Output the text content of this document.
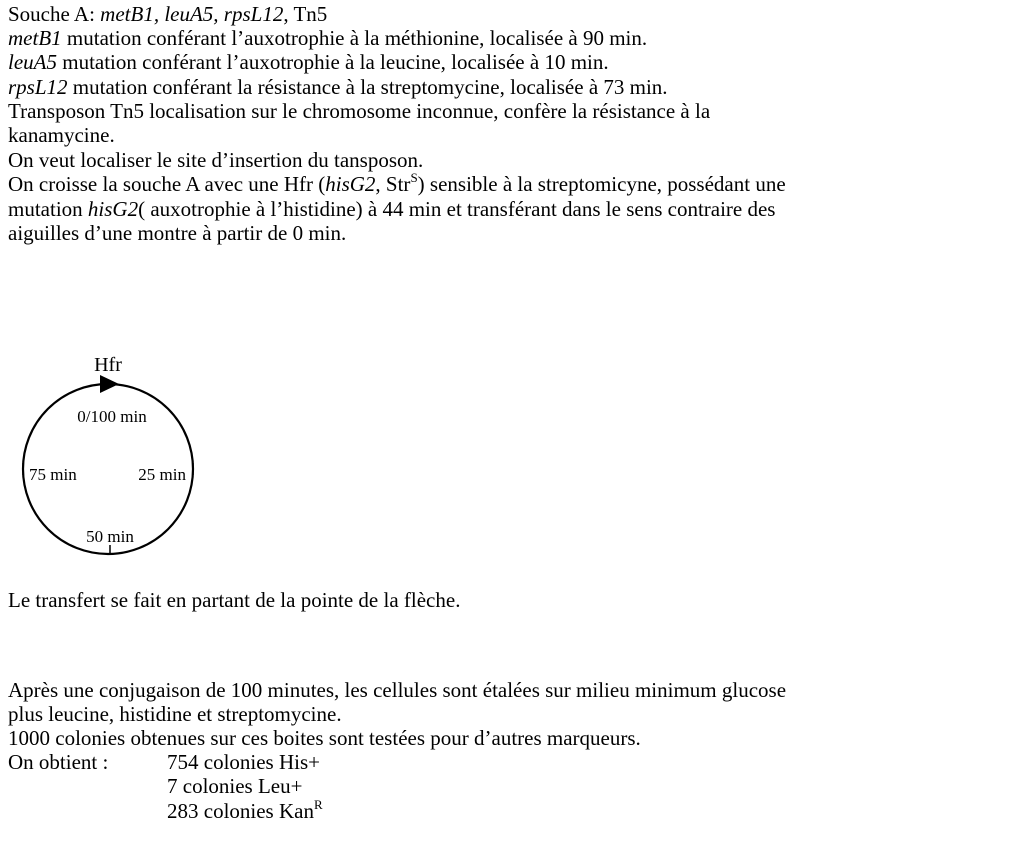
Souche A: metB1, leuA5, rpsL12, Tn5
metB1 mutation conférant l’auxotrophie à la méthionine, localisée à 90 min.
leuA5 mutation conférant l’auxotrophie à la leucine, localisée à 10 min.
rpsL12 mutation conférant la résistance à la streptomycine, localisée à 73 min.
Transposon Tn5 localisation sur le chromosome inconnue, confère la résistance à la
kanamycine.
On veut localiser le site d’insertion du tansposon.
On croisse la souche A avec une Hfr (hisG2, Str$^S$) sensible à la streptomicyne, possédant une
mutation hisG2( auxotrophie à l’histidine) à 44 min et transférant dans le sens contraire des
aiguilles d’une montre à partir de 0 min.
Hfr
0/100 min
75 min	25 min
50 min
Le transfert se fait en partant de la pointe de la flèche.
Après une conjugaison de 100 minutes, les cellules sont étalées sur milieu minimum glucose
plus leucine, histidine et streptomycine.
1000 colonies obtenues sur ces boites sont testées pour d’autres marqueurs.
On obtient :	754 colonies His+
7 colonies Leu+
283 colonies Kan$^R$
